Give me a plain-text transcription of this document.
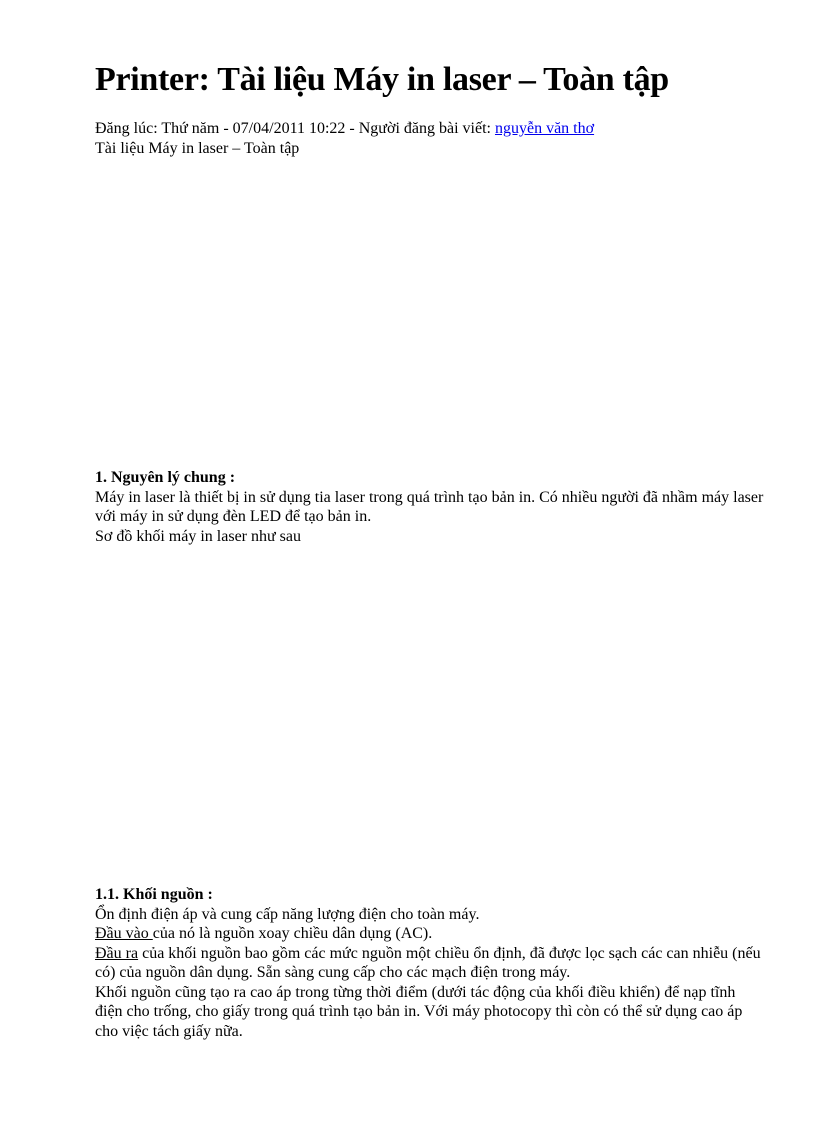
Printer: Tài liệu Máy in laser – Toàn tập
Đăng lúc: Thứ năm - 07/04/2011 10:22 - Người đăng bài viết: nguyễn văn thơ
Tài liệu Máy in laser – Toàn tập
1. Nguyên lý chung :

Máy in laser là thiết bị in sử dụng tia laser trong quá trình tạo bản in. Có nhiều người đã nhầm máy laser với máy in sử dụng đèn LED để tạo bản in.

Sơ đồ khối máy in laser như sau

1.1. Khối nguồn :

Ổn định điện áp và cung cấp năng lượng điện cho toàn máy.

Đầu vào của nó là nguồn xoay chiều dân dụng (AC).

Đầu ra của khối nguồn bao gồm các mức nguồn một chiều ổn định, đã được lọc sạch các can nhiễu (nếu có) của nguồn dân dụng. Sẵn sàng cung cấp cho các mạch điện trong máy.

Khối nguồn cũng tạo ra cao áp trong từng thời điểm (dưới tác động của khối điều khiển) để nạp tĩnh điện cho trống, cho giấy trong quá trình tạo bản in. Với máy photocopy thì còn có thể sử dụng cao áp cho việc tách giấy nữa.
